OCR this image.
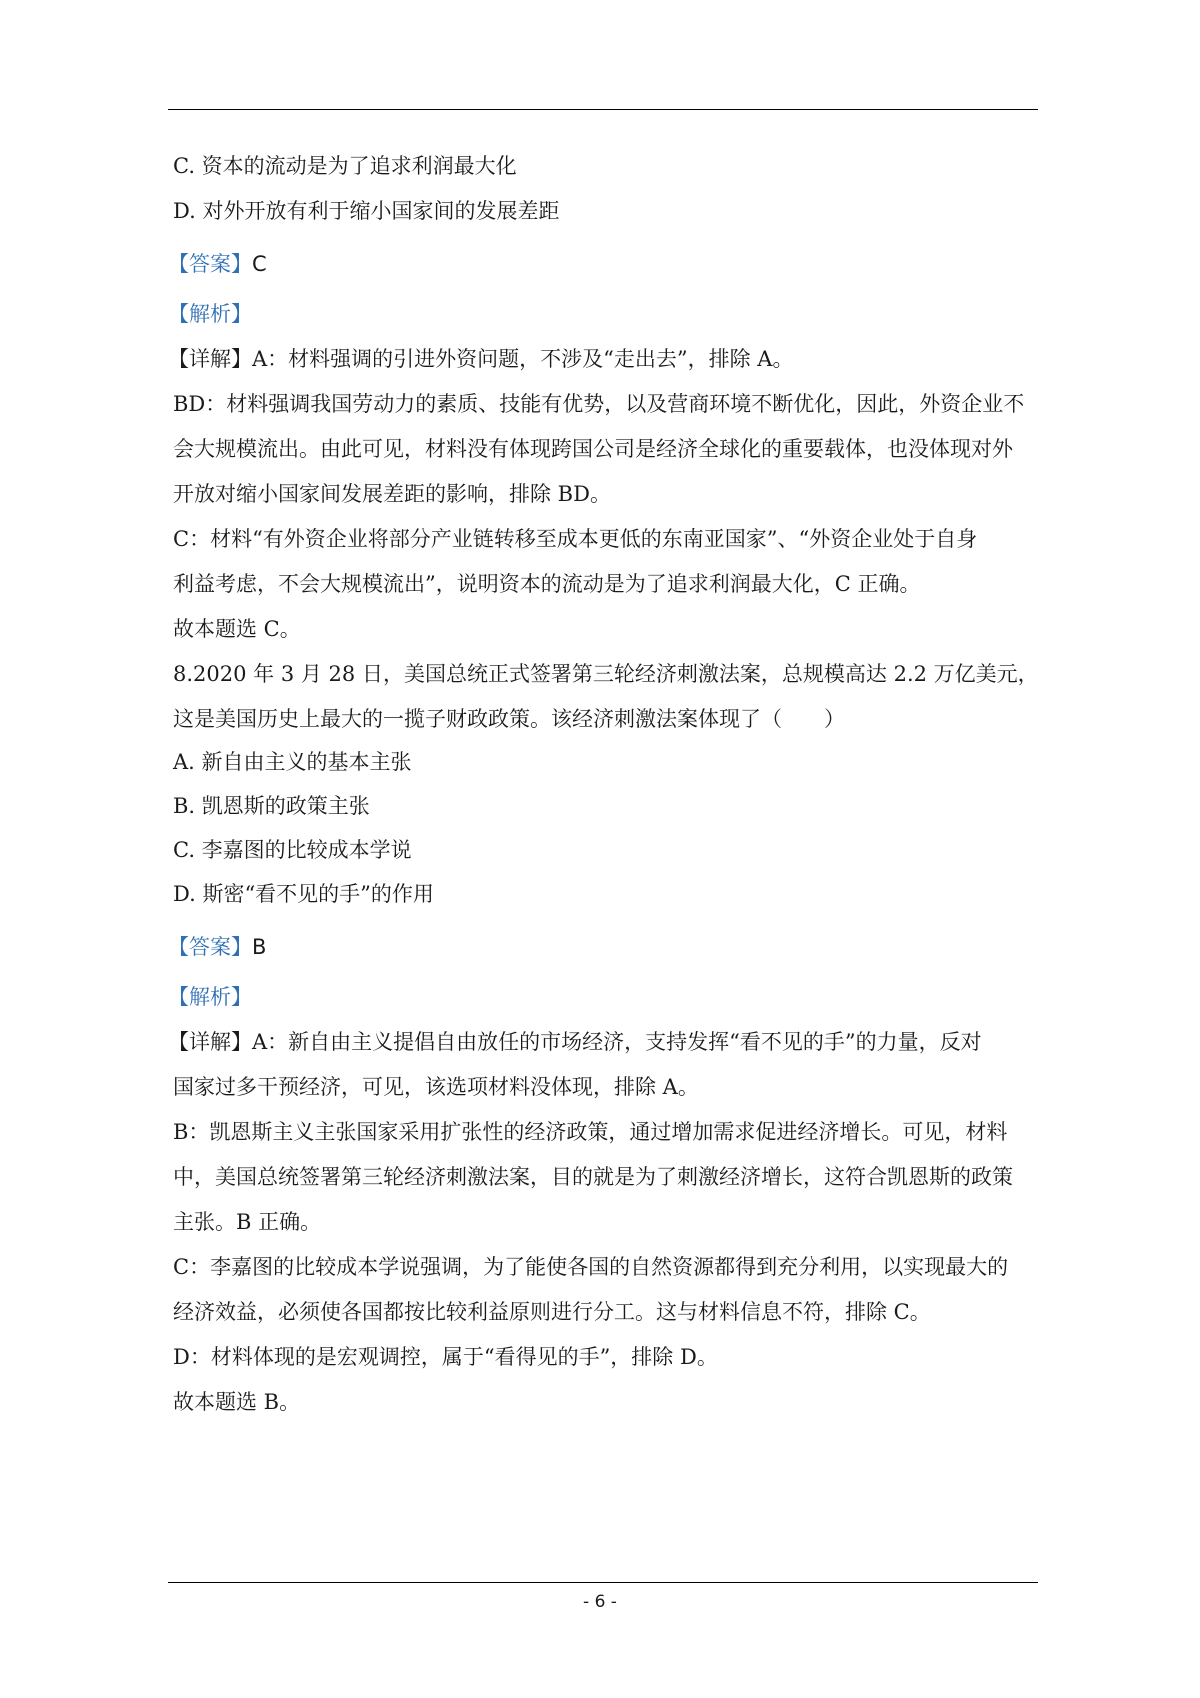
C. 资本的流动是为了追求利润最大化

D. 对外开放有利于缩小国家间的发展差距

【答案】C

【解析】

【详解】A：材料强调的引进外资问题，不涉及“走出去”，排除 A。

BD：材料强调我国劳动力的素质、技能有优势，以及营商环境不断优化，因此，外资企业不

会大规模流出。由此可见，材料没有体现跨国公司是经济全球化的重要载体，也没体现对外

开放对缩小国家间发展差距的影响，排除 BD。

C：材料“有外资企业将部分产业链转移至成本更低的东南亚国家”、“外资企业处于自身

利益考虑，不会大规模流出”，说明资本的流动是为了追求利润最大化，C 正确。

故本题选 C。

8.2020 年 3 月 28 日，美国总统正式签署第三轮经济刺激法案，总规模高达 2.2 万亿美元，

这是美国历史上最大的一揽子财政政策。该经济刺激法案体现了（　　）

A. 新自由主义的基本主张

B. 凯恩斯的政策主张

C. 李嘉图的比较成本学说

D. 斯密“看不见的手”的作用

【答案】B

【解析】

【详解】A：新自由主义提倡自由放任的市场经济，支持发挥“看不见的手”的力量，反对

国家过多干预经济，可见，该选项材料没体现，排除 A。

B：凯恩斯主义主张国家采用扩张性的经济政策，通过增加需求促进经济增长。可见，材料

中，美国总统签署第三轮经济刺激法案，目的就是为了刺激经济增长，这符合凯恩斯的政策

主张。B 正确。

C：李嘉图的比较成本学说强调，为了能使各国的自然资源都得到充分利用，以实现最大的

经济效益，必须使各国都按比较利益原则进行分工。这与材料信息不符，排除 C。

D：材料体现的是宏观调控，属于“看得见的手”，排除 D。

故本题选 B。

- 6 -
